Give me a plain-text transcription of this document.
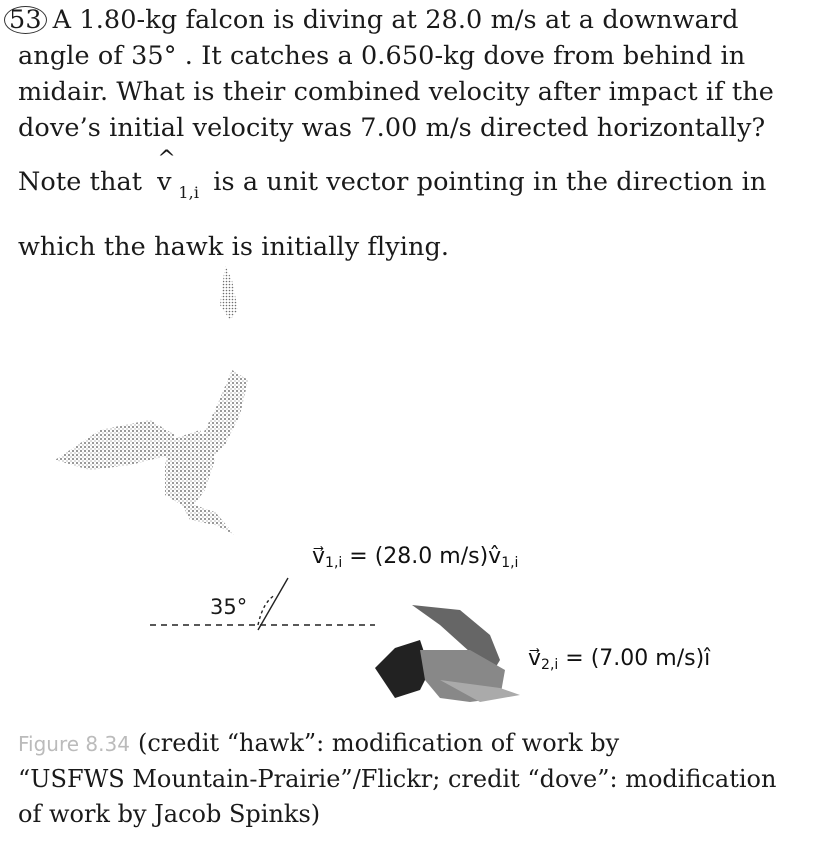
53 A 1.80-kg falcon is diving at 28.0 m/s at a downward

angle of 35° . It catches a 0.650-kg dove from behind in

midair. What is their combined velocity after impact if the

dove’s initial velocity was 7.00 m/s directed horizontally?

Note that
^
v $_{1,i}$ is a unit vector pointing in the direction in

which the hawk is initially flying.

$v⃗_{1,i} = (28.0$ $m/s)v̂_{1,i}$
$v⃗_{2,i} = (7.00$ m/s)î
35°
Figure 8.34 (credit “hawk”: modification of work by
“USFWS Mountain-Prairie”/Flickr; credit “dove”: modification
of work by Jacob Spinks)
